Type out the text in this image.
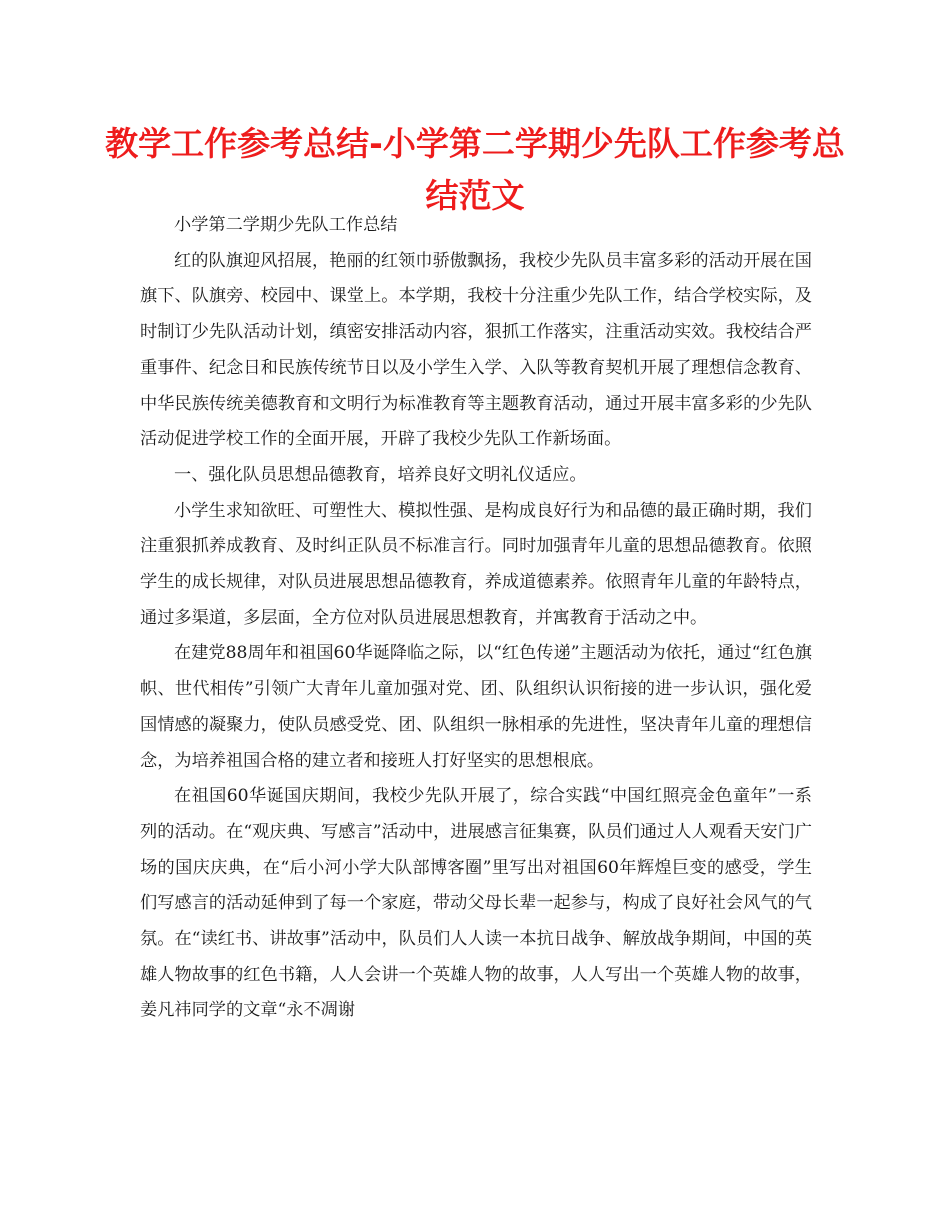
教学工作参考总结-小学第二学期少先队工作参考总结范文

小学第二学期少先队工作总结

红的队旗迎风招展，艳丽的红领巾骄傲飘扬，我校少先队员丰富多彩的活动开展在国旗下、队旗旁、校园中、课堂上。本学期，我校十分注重少先队工作，结合学校实际，及时制订少先队活动计划，缜密安排活动内容，狠抓工作落实，注重活动实效。我校结合严重事件、纪念日和民族传统节日以及小学生入学、入队等教育契机开展了理想信念教育、中华民族传统美德教育和文明行为标准教育等主题教育活动，通过开展丰富多彩的少先队活动促进学校工作的全面开展，开辟了我校少先队工作新场面。

一、强化队员思想品德教育，培养良好文明礼仪适应。

小学生求知欲旺、可塑性大、模拟性强、是构成良好行为和品德的最正确时期，我们注重狠抓养成教育、及时纠正队员不标准言行。同时加强青年儿童的思想品德教育。依照学生的成长规律，对队员进展思想品德教育，养成道德素养。依照青年儿童的年龄特点，通过多渠道，多层面，全方位对队员进展思想教育，并寓教育于活动之中。

在建党88周年和祖国60华诞降临之际，以“红色传递”主题活动为依托，通过“红色旗帜、世代相传”引领广大青年儿童加强对党、团、队组织认识衔接的进一步认识，强化爱国情感的凝聚力，使队员感受党、团、队组织一脉相承的先进性，坚决青年儿童的理想信念，为培养祖国合格的建立者和接班人打好坚实的思想根底。

在祖国60华诞国庆期间，我校少先队开展了，综合实践“中国红照亮金色童年”一系列的活动。在“观庆典、写感言”活动中，进展感言征集赛，队员们通过人人观看天安门广场的国庆庆典，在“后小河小学大队部博客圈”里写出对祖国60年辉煌巨变的感受，学生们写感言的活动延伸到了每一个家庭，带动父母长辈一起参与，构成了良好社会风气的气氛。在“读红书、讲故事”活动中，队员们人人读一本抗日战争、解放战争期间，中国的英雄人物故事的红色书籍，人人会讲一个英雄人物的故事，人人写出一个英雄人物的故事，姜凡祎同学的文章“永不凋谢
